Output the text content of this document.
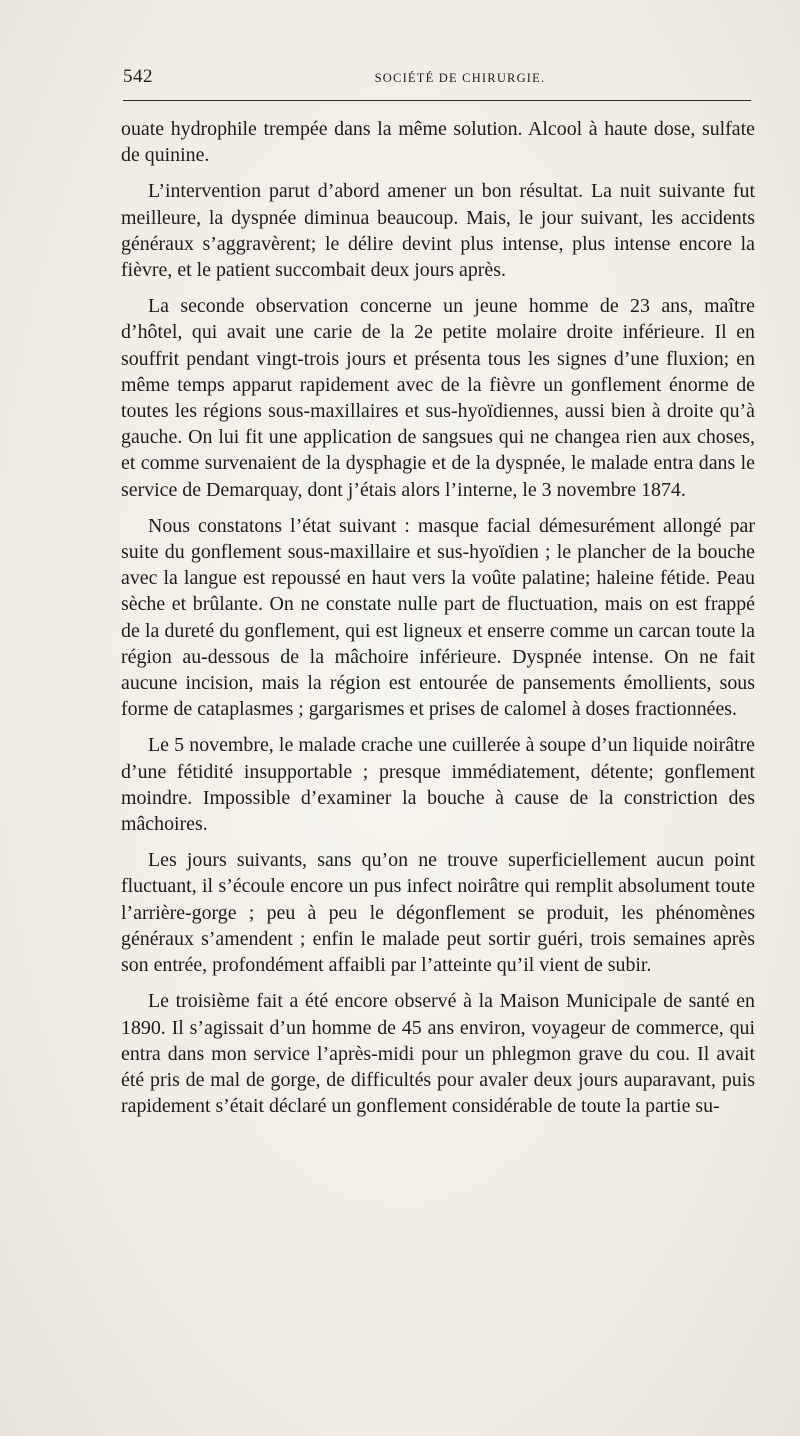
542	SOCIÉTÉ DE CHIRURGIE.

ouate hydrophile trempée dans la même solution. Alcool à haute dose, sulfate de quinine.

L’intervention parut d’abord amener un bon résultat. La nuit suivante fut meilleure, la dyspnée diminua beaucoup. Mais, le jour suivant, les accidents généraux s’aggravèrent; le délire devint plus intense, plus intense encore la fièvre, et le patient succombait deux jours après.

La seconde observation concerne un jeune homme de 23 ans, maître d’hôtel, qui avait une carie de la 2e petite molaire droite inférieure. Il en souffrit pendant vingt-trois jours et présenta tous les signes d’une fluxion; en même temps apparut rapidement avec de la fièvre un gonflement énorme de toutes les régions sous-maxillaires et sus-hyoïdiennes, aussi bien à droite qu’à gauche. On lui fit une application de sangsues qui ne changea rien aux choses, et comme survenaient de la dysphagie et de la dyspnée, le malade entra dans le service de Demarquay, dont j’étais alors l’interne, le 3 novembre 1874.

Nous constatons l’état suivant : masque facial démesurément allongé par suite du gonflement sous-maxillaire et sus-hyoïdien ; le plancher de la bouche avec la langue est repoussé en haut vers la voûte palatine; haleine fétide. Peau sèche et brûlante. On ne constate nulle part de fluctuation, mais on est frappé de la dureté du gonflement, qui est ligneux et enserre comme un carcan toute la région au-dessous de la mâchoire inférieure. Dyspnée intense. On ne fait aucune incision, mais la région est entourée de pansements émollients, sous forme de cataplasmes ; gargarismes et prises de calomel à doses fractionnées.

Le 5 novembre, le malade crache une cuillerée à soupe d’un liquide noirâtre d’une fétidité insupportable ; presque immédiatement, détente; gonflement moindre. Impossible d’examiner la bouche à cause de la constriction des mâchoires.

Les jours suivants, sans qu’on ne trouve superficiellement aucun point fluctuant, il s’écoule encore un pus infect noirâtre qui remplit absolument toute l’arrière-gorge ; peu à peu le dégonflement se produit, les phénomènes généraux s’amendent ; enfin le malade peut sortir guéri, trois semaines après son entrée, profondément affaibli par l’atteinte qu’il vient de subir.

Le troisième fait a été encore observé à la Maison Municipale de santé en 1890. Il s’agissait d’un homme de 45 ans environ, voyageur de commerce, qui entra dans mon service l’après-midi pour un phlegmon grave du cou. Il avait été pris de mal de gorge, de difficultés pour avaler deux jours auparavant, puis rapidement s’était déclaré un gonflement considérable de toute la partie su-
